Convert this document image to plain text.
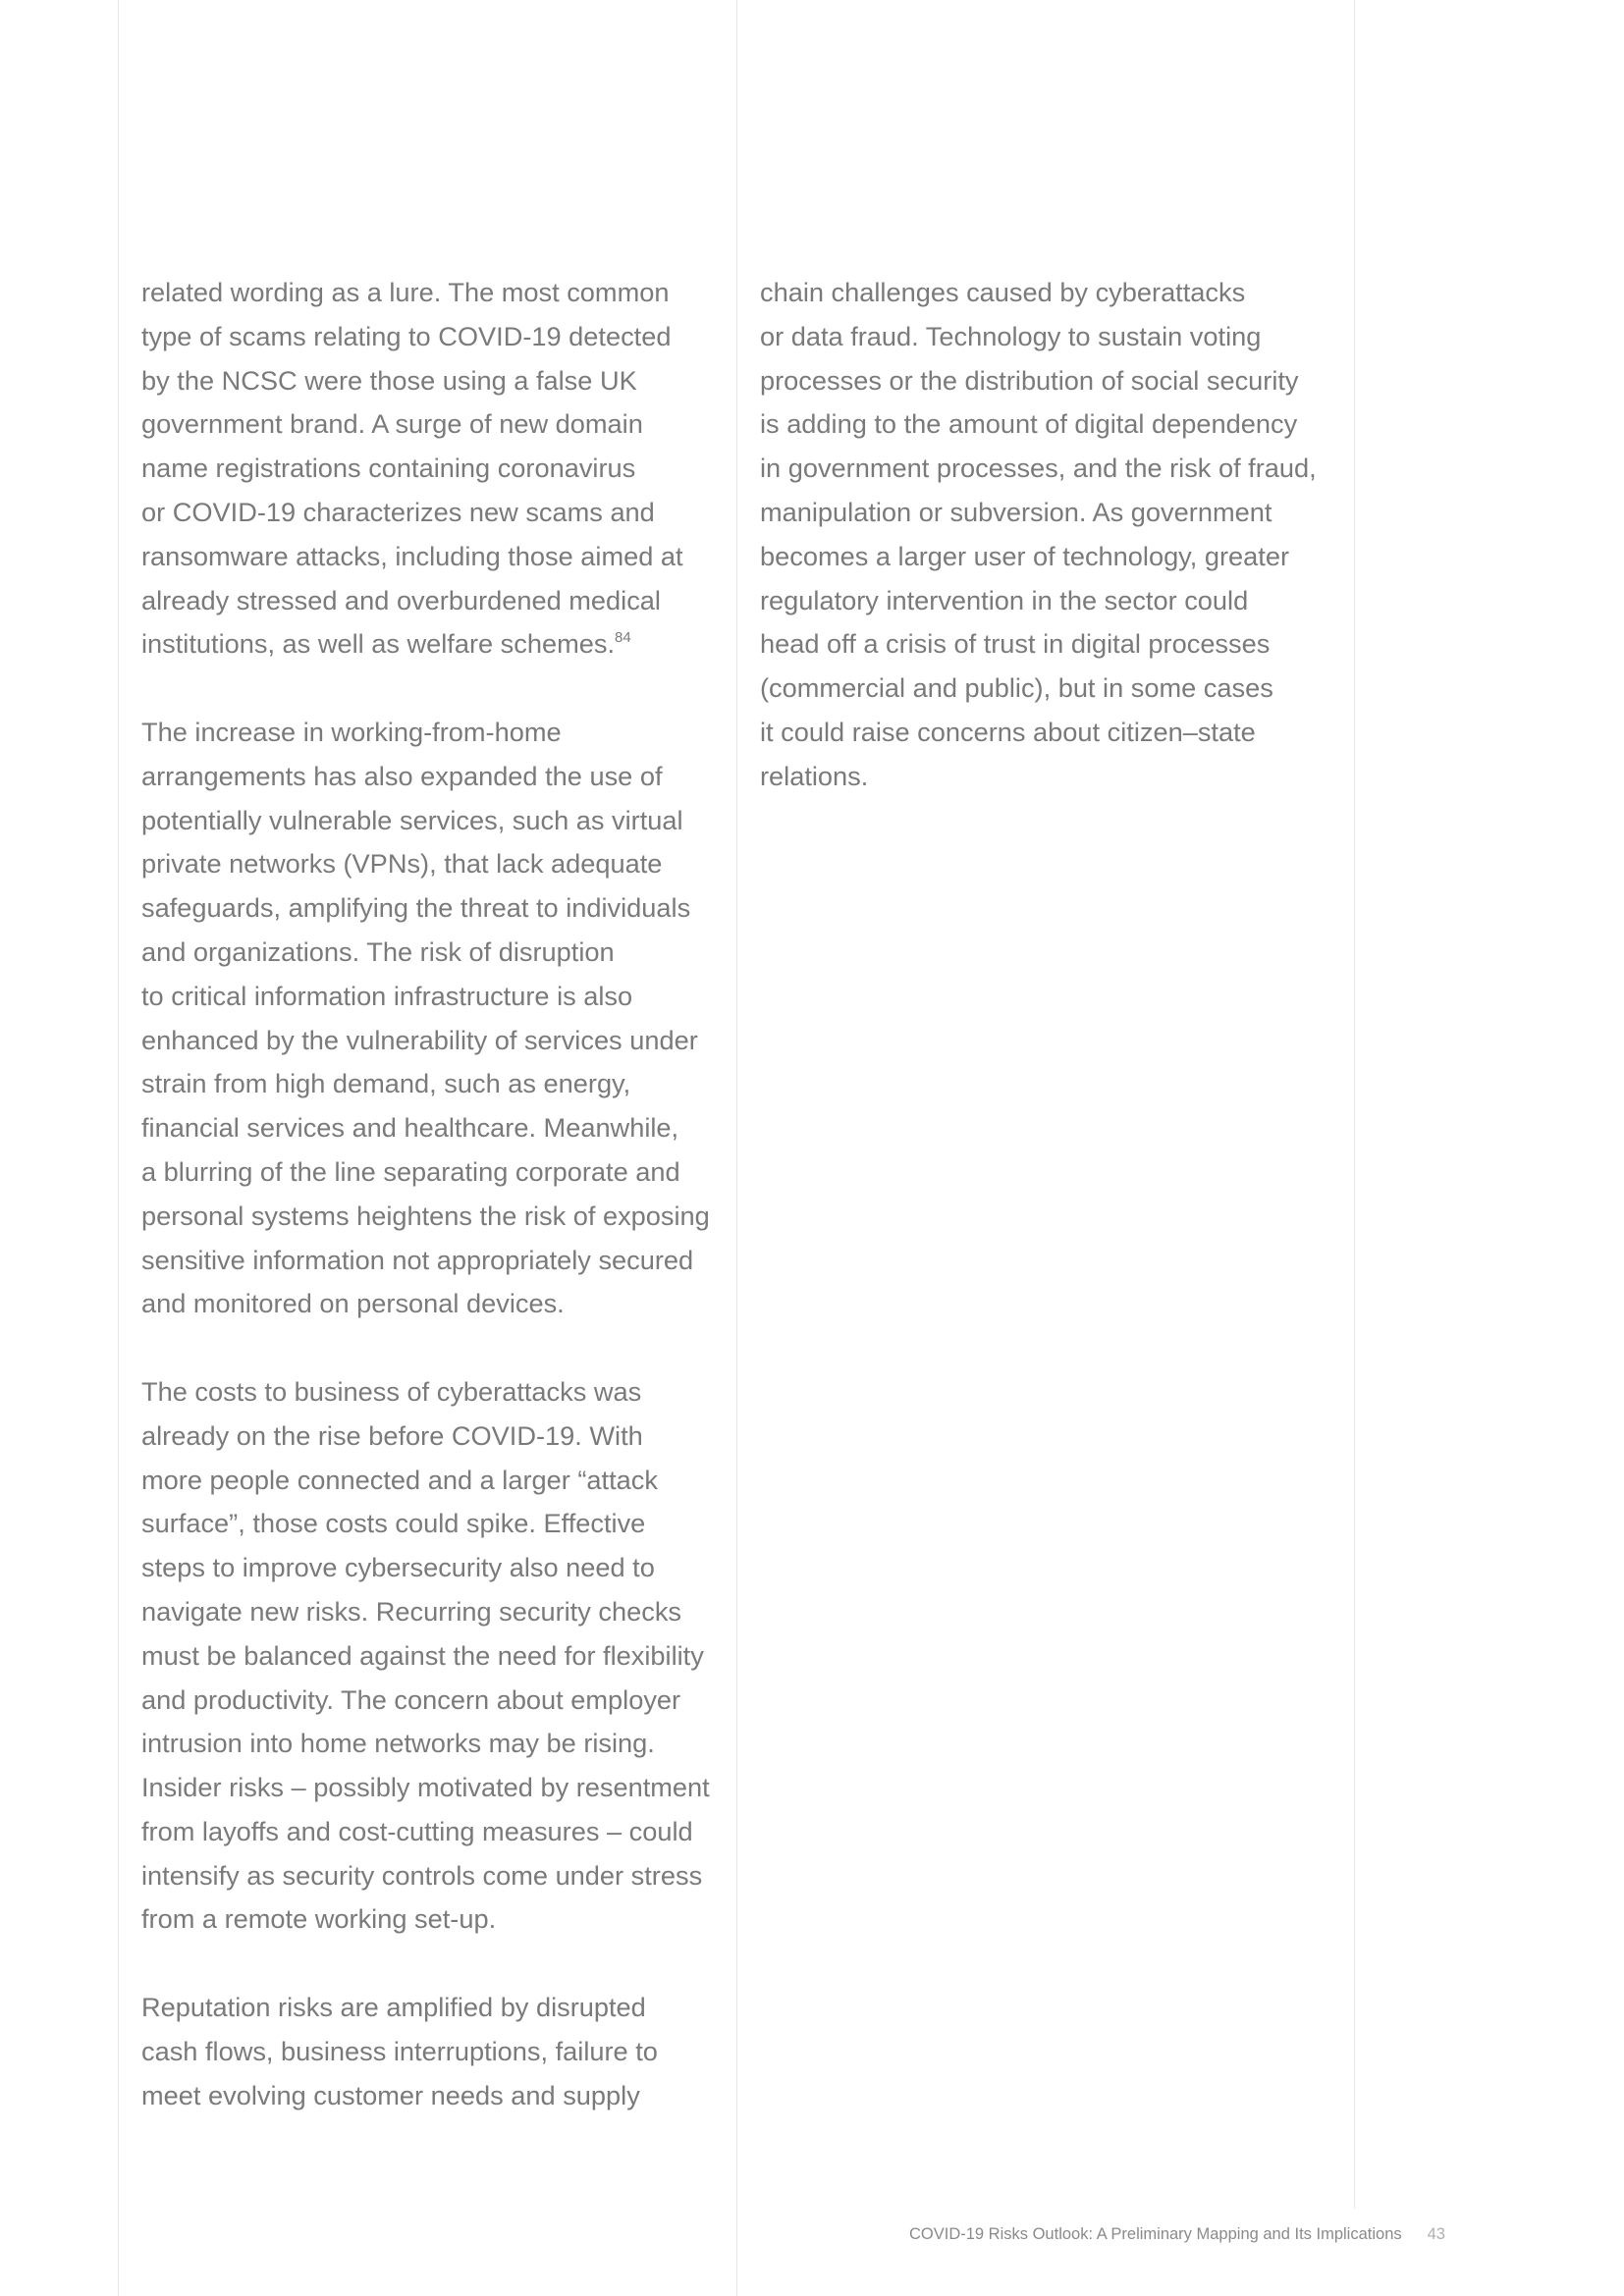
related wording as a lure. The most common
type of scams relating to COVID-19 detected
by the NCSC were those using a false UK
government brand. A surge of new domain
name registrations containing coronavirus
or COVID-19 characterizes new scams and
ransomware attacks, including those aimed at
already stressed and overburdened medical
institutions, as well as welfare schemes.$^{84}$

The increase in working-from-home
arrangements has also expanded the use of
potentially vulnerable services, such as virtual
private networks (VPNs), that lack adequate
safeguards, amplifying the threat to individuals
and organizations. The risk of disruption
to critical information infrastructure is also
enhanced by the vulnerability of services under
strain from high demand, such as energy,
financial services and healthcare. Meanwhile,
a blurring of the line separating corporate and
personal systems heightens the risk of exposing
sensitive information not appropriately secured
and monitored on personal devices.

The costs to business of cyberattacks was
already on the rise before COVID-19. With
more people connected and a larger “attack
surface”, those costs could spike. Effective
steps to improve cybersecurity also need to
navigate new risks. Recurring security checks
must be balanced against the need for flexibility
and productivity. The concern about employer
intrusion into home networks may be rising.
Insider risks – possibly motivated by resentment
from layoffs and cost-cutting measures – could
intensify as security controls come under stress
from a remote working set-up.

Reputation risks are amplified by disrupted
cash flows, business interruptions, failure to
meet evolving customer needs and supply

chain challenges caused by cyberattacks
or data fraud. Technology to sustain voting
processes or the distribution of social security
is adding to the amount of digital dependency
in government processes, and the risk of fraud,
manipulation or subversion. As government
becomes a larger user of technology, greater
regulatory intervention in the sector could
head off a crisis of trust in digital processes
(commercial and public), but in some cases
it could raise concerns about citizen–state
relations.

COVID-19 Risks Outlook: A Preliminary Mapping and Its Implications 43
